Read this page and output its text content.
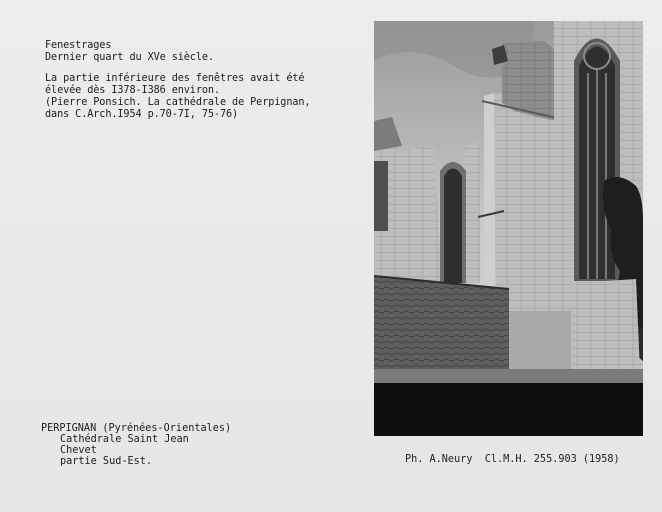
Fenestrages
Dernier quart du XVe siècle.
La partie inférieure des fenêtres avait été
élevée dès I378-I386 environ.
(Pierre Ponsich. La cathédrale de Perpignan,
dans C.Arch.I954 p.70-7I, 75-76)
PERPIGNAN (Pyrénées-Orientales)
Cathédrale Saint Jean
Chevet
partie Sud-Est.	Ph. A.Neury  Cl.M.H. 255.903 (1958)
